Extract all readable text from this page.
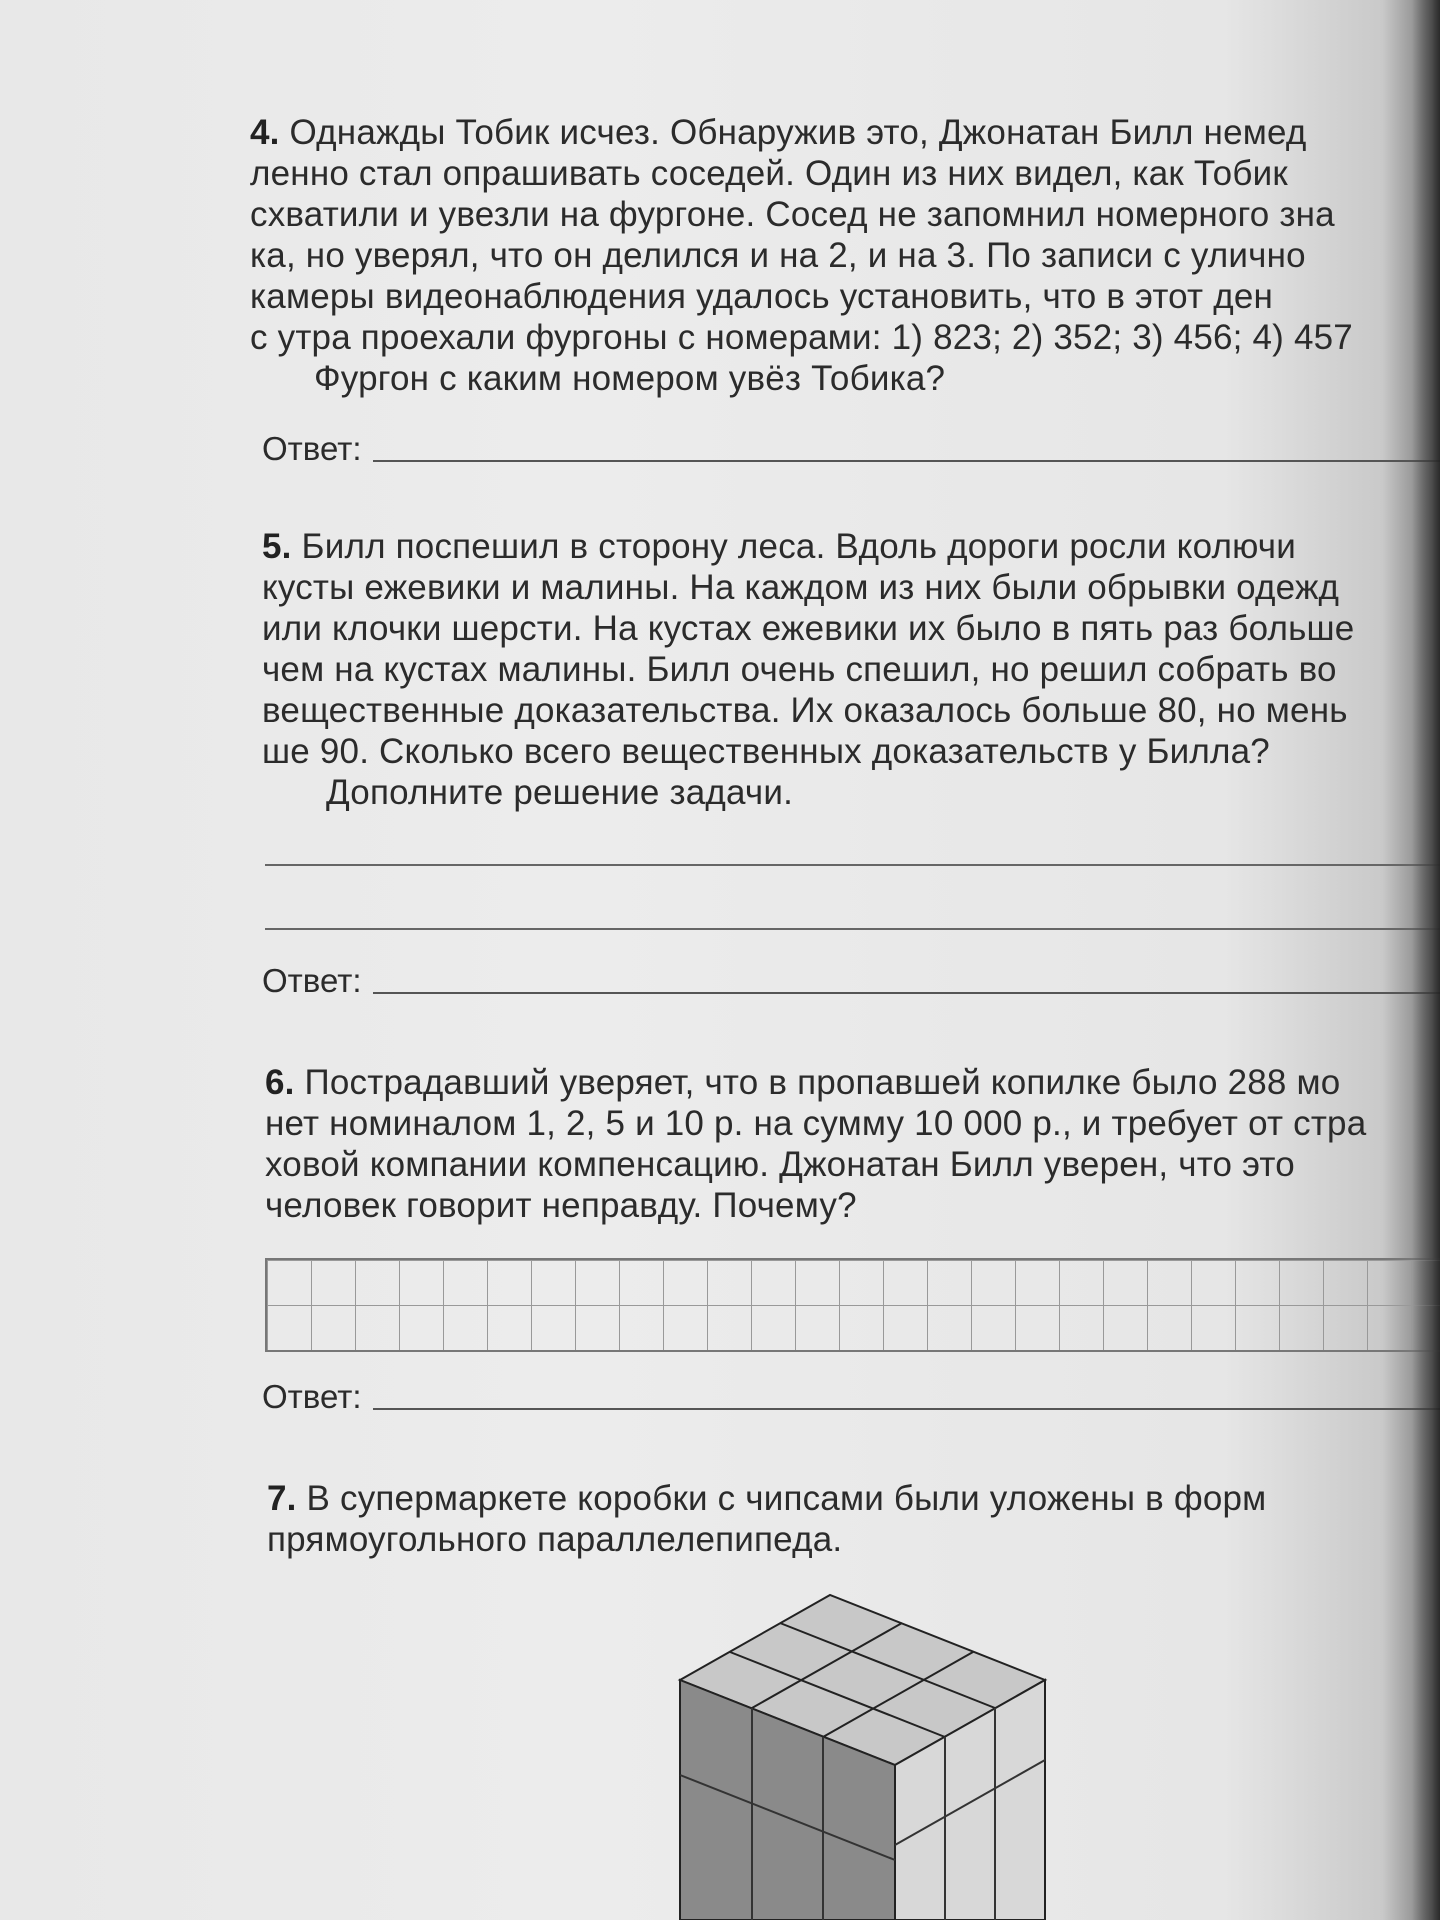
4. Однажды Тобик исчез. Обнаружив это, Джонатан Билл немед

ленно стал опрашивать соседей. Один из них видел, как Тобик

схватили и увезли на фургоне. Сосед не запомнил номерного зна

ка, но уверял, что он делился и на 2, и на 3. По записи с улично

камеры видеонаблюдения удалось установить, что в этот ден

с утра проехали фургоны с номерами: 1) 823; 2) 352; 3) 456; 4) 457

Фургон с каким номером увёз Тобика?

Ответ:

5. Билл поспешил в сторону леса. Вдоль дороги росли колючи

кусты ежевики и малины. На каждом из них были обрывки одежд

или клочки шерсти. На кустах ежевики их было в пять раз больше

чем на кустах малины. Билл очень спешил, но решил собрать во

вещественные доказательства. Их оказалось больше 80, но мень

ше 90. Сколько всего вещественных доказательств у Билла?

Дополните решение задачи.

Ответ:

6. Пострадавший уверяет, что в пропавшей копилке было 288 мо

нет номиналом 1, 2, 5 и 10 р. на сумму 10 000 р., и требует от стра

ховой компании компенсацию. Джонатан Билл уверен, что это

человек говорит неправду. Почему?

Ответ:

7. В супермаркете коробки с чипсами были уложены в форм

прямоугольного параллелепипеда.
